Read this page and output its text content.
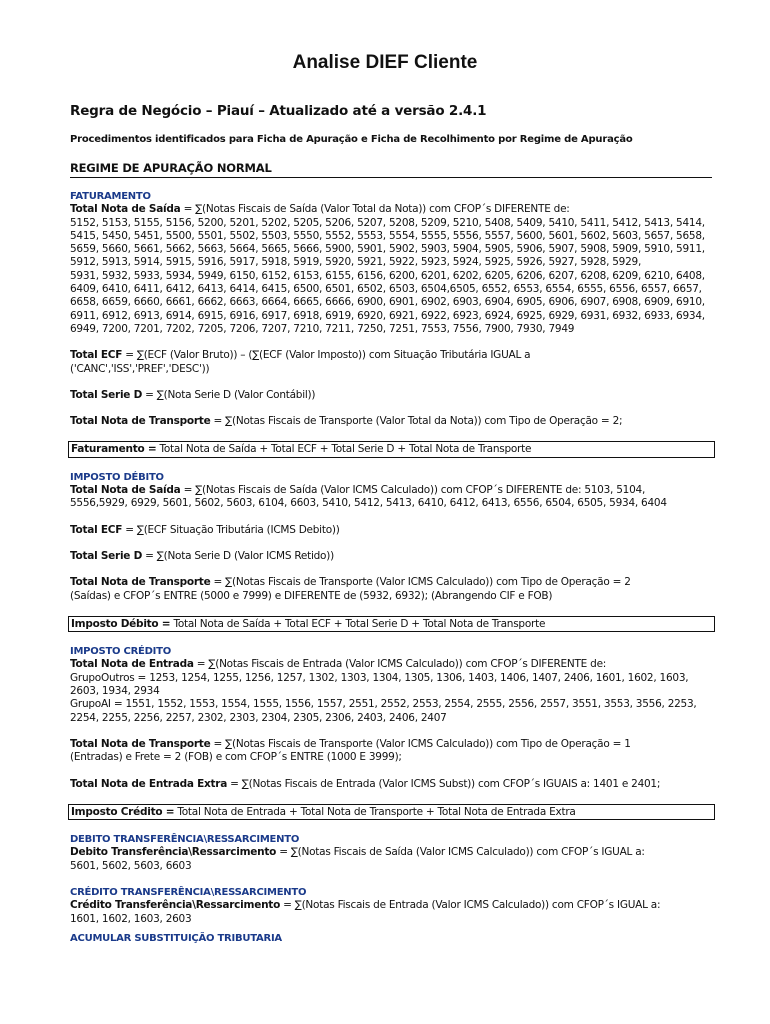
Analise DIEF Cliente
Regra de Negócio – Piauí – Atualizado até a versão 2.4.1
Procedimentos identificados para Ficha de Apuração e Ficha de Recolhimento por Regime de Apuração
REGIME DE APURAÇÃO NORMAL
FATURAMENTO
Total Nota de Saída = ∑(Notas Fiscais de Saída (Valor Total da Nota)) com CFOP´s DIFERENTE de:
5152, 5153, 5155, 5156, 5200, 5201, 5202, 5205, 5206, 5207, 5208, 5209, 5210, 5408, 5409, 5410, 5411, 5412, 5413, 5414,
5415, 5450, 5451, 5500, 5501, 5502, 5503, 5550, 5552, 5553, 5554, 5555, 5556, 5557, 5600, 5601, 5602, 5603, 5657, 5658,
5659, 5660, 5661, 5662, 5663, 5664, 5665, 5666, 5900, 5901, 5902, 5903, 5904, 5905, 5906, 5907, 5908, 5909, 5910, 5911,
5912, 5913, 5914, 5915, 5916, 5917, 5918, 5919, 5920, 5921, 5922, 5923, 5924, 5925, 5926, 5927, 5928, 5929,
5931, 5932, 5933, 5934, 5949, 6150, 6152, 6153, 6155, 6156, 6200, 6201, 6202, 6205, 6206, 6207, 6208, 6209, 6210, 6408,
6409, 6410, 6411, 6412, 6413, 6414, 6415, 6500, 6501, 6502, 6503, 6504,6505, 6552, 6553, 6554, 6555, 6556, 6557, 6657,
6658, 6659, 6660, 6661, 6662, 6663, 6664, 6665, 6666, 6900, 6901, 6902, 6903, 6904, 6905, 6906, 6907, 6908, 6909, 6910,
6911, 6912, 6913, 6914, 6915, 6916, 6917, 6918, 6919, 6920, 6921, 6922, 6923, 6924, 6925, 6929, 6931, 6932, 6933, 6934,
6949, 7200, 7201, 7202, 7205, 7206, 7207, 7210, 7211, 7250, 7251, 7553, 7556, 7900, 7930, 7949
Total ECF = ∑(ECF (Valor Bruto)) – (∑(ECF (Valor Imposto)) com Situação Tributária IGUAL a
('CANC','ISS','PREF','DESC'))
Total Serie D = ∑(Nota Serie D (Valor Contábil))
Total Nota de Transporte = ∑(Notas Fiscais de Transporte (Valor Total da Nota)) com Tipo de Operação = 2;
Faturamento = Total Nota de Saída + Total ECF + Total Serie D + Total Nota de Transporte
IMPOSTO DÉBITO
Total Nota de Saída = ∑(Notas Fiscais de Saída (Valor ICMS Calculado)) com CFOP´s DIFERENTE de: 5103, 5104,
5556,5929, 6929, 5601, 5602, 5603, 6104, 6603, 5410, 5412, 5413, 6410, 6412, 6413, 6556, 6504, 6505, 5934, 6404
Total ECF = ∑(ECF Situação Tributária (ICMS Debito))
Total Serie D = ∑(Nota Serie D (Valor ICMS Retido))
Total Nota de Transporte = ∑(Notas Fiscais de Transporte (Valor ICMS Calculado)) com Tipo de Operação = 2
(Saídas) e CFOP´s ENTRE (5000 e 7999) e DIFERENTE de (5932, 6932); (Abrangendo CIF e FOB)
Imposto Débito = Total Nota de Saída + Total ECF + Total Serie D + Total Nota de Transporte
IMPOSTO CRÉDITO
Total Nota de Entrada = ∑(Notas Fiscais de Entrada (Valor ICMS Calculado)) com CFOP´s DIFERENTE de:
GrupoOutros = 1253, 1254, 1255, 1256, 1257, 1302, 1303, 1304, 1305, 1306, 1403, 1406, 1407, 2406, 1601, 1602, 1603,
2603, 1934, 2934
GrupoAI = 1551, 1552, 1553, 1554, 1555, 1556, 1557, 2551, 2552, 2553, 2554, 2555, 2556, 2557, 3551, 3553, 3556, 2253,
2254, 2255, 2256, 2257, 2302, 2303, 2304, 2305, 2306, 2403, 2406, 2407
Total Nota de Transporte = ∑(Notas Fiscais de Transporte (Valor ICMS Calculado)) com Tipo de Operação = 1
(Entradas) e Frete = 2 (FOB) e com CFOP´s ENTRE (1000 E 3999);
Total Nota de Entrada Extra = ∑(Notas Fiscais de Entrada (Valor ICMS Subst)) com CFOP´s IGUAIS a: 1401 e 2401;
Imposto Crédito = Total Nota de Entrada + Total Nota de Transporte + Total Nota de Entrada Extra
DEBITO TRANSFERÊNCIA\RESSARCIMENTO
Debito Transferência\Ressarcimento = ∑(Notas Fiscais de Saída (Valor ICMS Calculado)) com CFOP´s IGUAL a:
5601, 5602, 5603, 6603
CRÉDITO TRANSFERÊNCIA\RESSARCIMENTO
Crédito Transferência\Ressarcimento = ∑(Notas Fiscais de Entrada (Valor ICMS Calculado)) com CFOP´s IGUAL a:
1601, 1602, 1603, 2603
ACUMULAR SUBSTITUIÇÃO TRIBUTARIA
